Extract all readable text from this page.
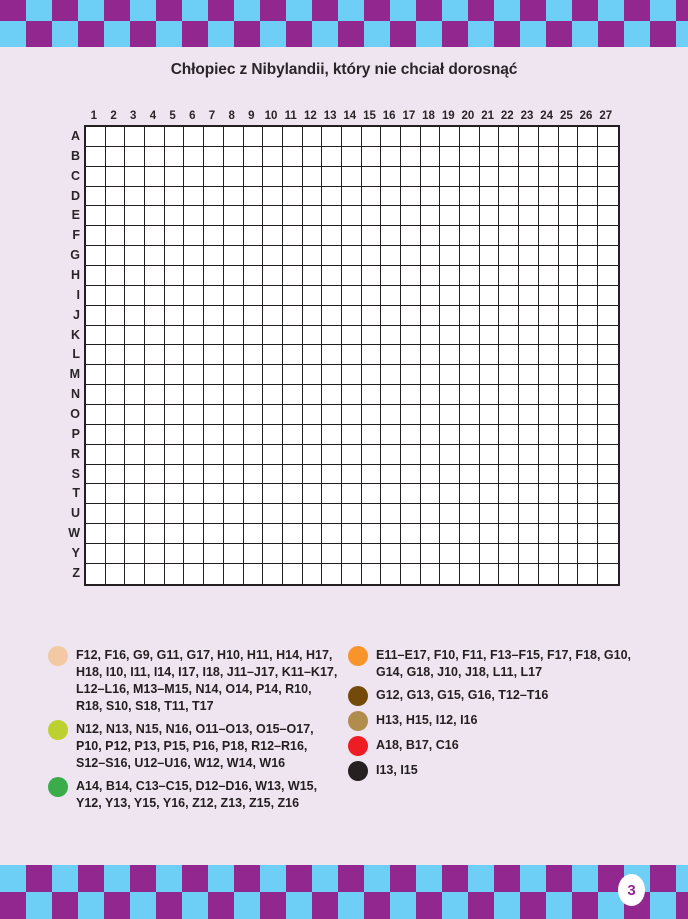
Chłopiec z Nibylandii, który nie chciał dorosnąć
1	2	3	4	5	6	7	8	9 10 11 12 13 14 15 16 17 18 19 20 21 22 23 24 25 26 27
A
B
C
D
E
F
G
H
I
J
K
L
M
N
O
P
R
S
T
U
W
Y
Z
F12, F16, G9, G11, G17, H10, H11, H14, H17, H18, I10, I11, I14, I17, I18, J11–J17, K11–K17, L12–L16, M13–M15, N14, O14, P14, R10, R18, S10, S18, T11, T17
N12, N13, N15, N16, O11–O13, O15–O17, P10, P12, P13, P15, P16, P18, R12–R16, S12–S16, U12–U16, W12, W14, W16
A14, B14, C13–C15, D12–D16, W13, W15, Y12, Y13, Y15, Y16, Z12, Z13, Z15, Z16
E11–E17, F10, F11, F13–F15, F17, F18, G10, G14, G18, J10, J18, L11, L17
G12, G13, G15, G16, T12–T16
H13, H15, I12, I16
A18, B17, C16
I13, I15
3
